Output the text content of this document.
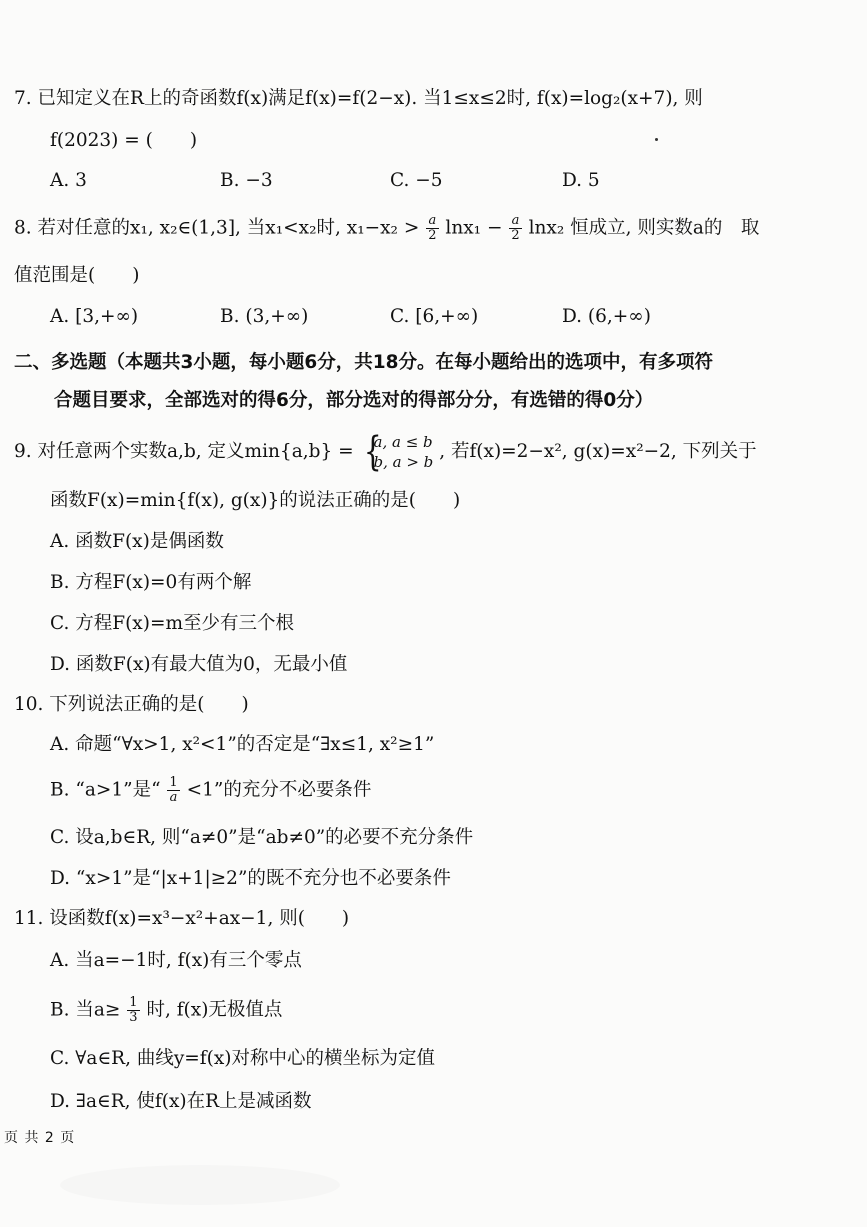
7. 已知定义在R上的奇函数f(x)满足f(x)=f(2−x). 当1≤x≤2时, f(x)=log₂(x+7), 则
f(2023) = (　　)
A. 3	B. −3	C. −5	D. 5
8. 若对任意的x₁, x₂∈(1,3], 当x₁<x₂时, $x_1-x_2 > \frac{a}{2} \ln x_1 - \frac{a}{2} \ln x_2$ 恒成立, 则实数a的　取
值范围是(　　)
A. [3,+∞)	B. (3,+∞)	C. [6,+∞)	D. (6,+∞)
二、多选题（本题共3小题，每小题6分，共18分。在每小题给出的选项中，有多项符
合题目要求，全部选对的得6分，部分选对的得部分分，有选错的得0分）
9. 对任意两个实数a,b, 定义min{a,b} = {
a, a ≤ b
b, a > b , 若f(x)=2−x², g(x)=x²−2, 下列关于
函数F(x)=min{f(x), g(x)}的说法正确的是(　　)
A. 函数F(x)是偶函数
B. 方程F(x)=0有两个解
C. 方程F(x)=m至少有三个根
D. 函数F(x)有最大值为0，无最小值
10. 下列说法正确的是(　　)
A. 命题“∀x>1, x²<1”的否定是“∃x≤1, x²≥1”
B. “a>1”是“ $\frac{1}{a} <1$”的充分不必要条件
C. 设a,b∈R, 则“a≠0”是“ab≠0”的必要不充分条件
D. “x>1”是“|x+1|≥2”的既不充分也不必要条件
11. 设函数f(x)=x³−x²+ax−1, 则(　　)
A. 当a=−1时, f(x)有三个零点
B. 当$a\ge \frac{1}{3}$ 时, f(x)无极值点
C. ∀a∈R, 曲线y=f(x)对称中心的横坐标为定值
D. ∃a∈R, 使f(x)在R上是减函数
页 共 2 页
